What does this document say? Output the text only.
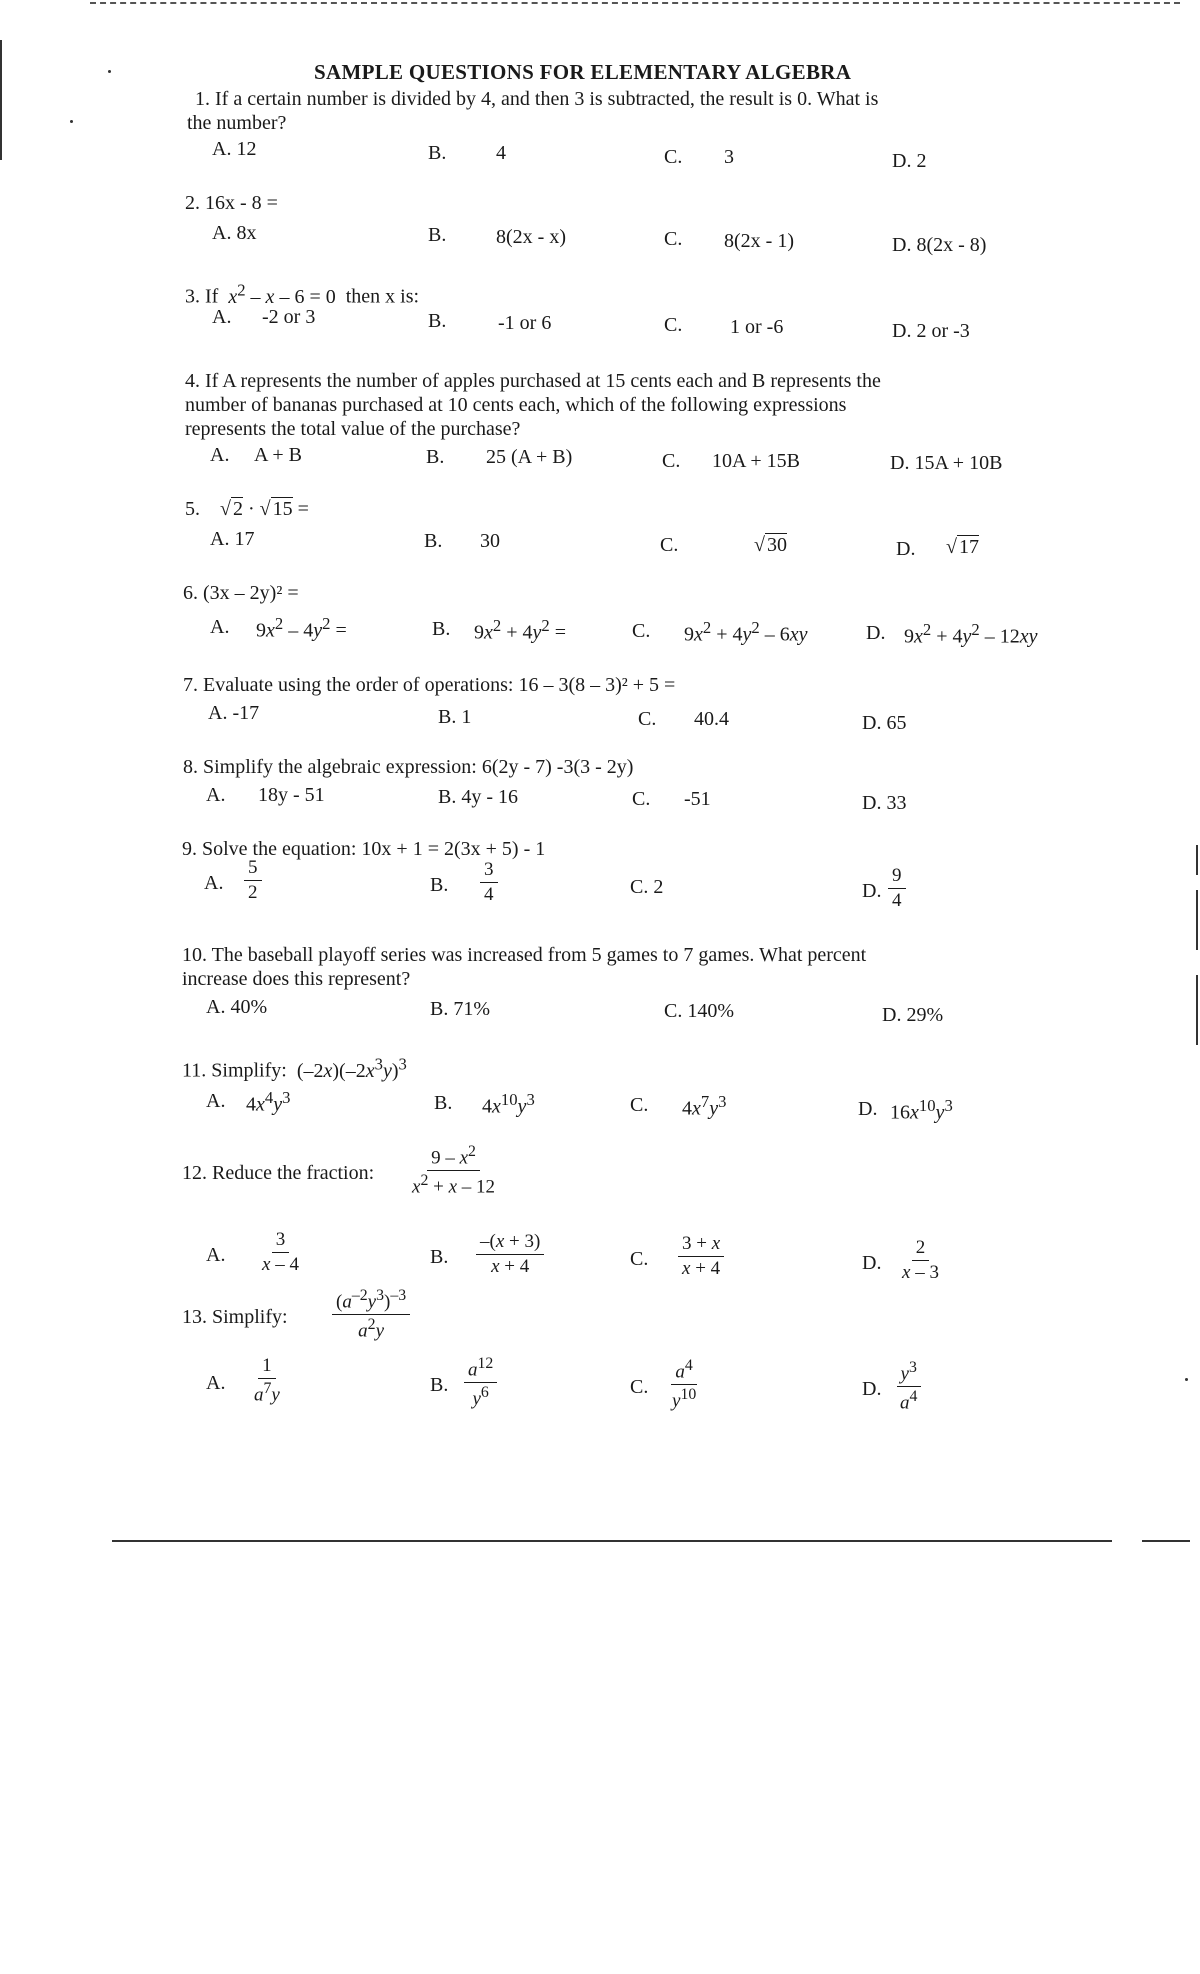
SAMPLE QUESTIONS FOR ELEMENTARY ALGEBRA
1. If a certain number is divided by 4, and then 3 is subtracted, the result is 0. What is
the number?
A. 12	B. 4	C. 3	D. 2
2. 16x - 8 =
A. 8x	B. 8(2x - x)	C. 8(2x - 1)	D. 8(2x - 8)
3. If $x^2 - x - 6 = 0$  then x is:
A. -2 or 3	B.	-1 or 6	C. 1 or -6	D. 2 or -3
4. If A represents the number of apples purchased at 15 cents each and B represents the
number of bananas purchased at 10 cents each, which of the following expressions
represents the total value of the purchase?
A. A + B	B. 25 (A + B)	C. 10A + 15B	D. 15A + 10B
5.    √ 2 · √ 15 =
A. 17	B. 30	C.	√ 30	D. √ 17
6. (3x – 2y)² =
A. $9x^2 - 4y^2$ =	B. $9x^2 + 4y^2$ =	C. $9x^2 + 4y^2 - 6xy$	D. $9x^2 + 4y^2 - 12xy$
7. Evaluate using the order of operations: 16 – 3(8 – 3)² + 5 =
A. -17	B. 1	C. 40.4	D. 65
8. Simplify the algebraic expression: 6(2y - 7) -3(3 - 2y)
A. 18y - 51	B. 4y - 16	C. -51	D. 33
9. Solve the equation: 10x + 1 = 2(3x + 5) - 1
A. $\frac{5}{2}$	B. $\frac{3}{4}$	C. 2	D. $\frac{9}{4}$
10. The baseball playoff series was increased from 5 games to 7 games. What percent
increase does this represent?
A. 40%	B. 71%	C. 140%	D. 29%
11. Simplify:  $(-2x)(-2x^3y)^3$
A. $4x^4y^3$	B. $4x^{10}y^3$	C. $4x^7y^3$	D. $16x^{10}y^3$
12. Reduce the fraction: $\frac{9 - x^2}{x^2 + x - 12}$
A. $\frac{3}{x - 4}$	B. $\frac{-(x + 3)}{x + 4}$	C. $\frac{3 + x}{x + 4}$	D. $\frac{2}{x - 3}$
13. Simplify: $\frac{(a^{-2}y^3)^{-3}}{a^2y}$
A. $\frac{1}{a^7y}$	B. $\frac{a^{12}}{y^6}$	C. $\frac{a^4}{y^{10}}$	D. $\frac{y^3}{a^4}$
